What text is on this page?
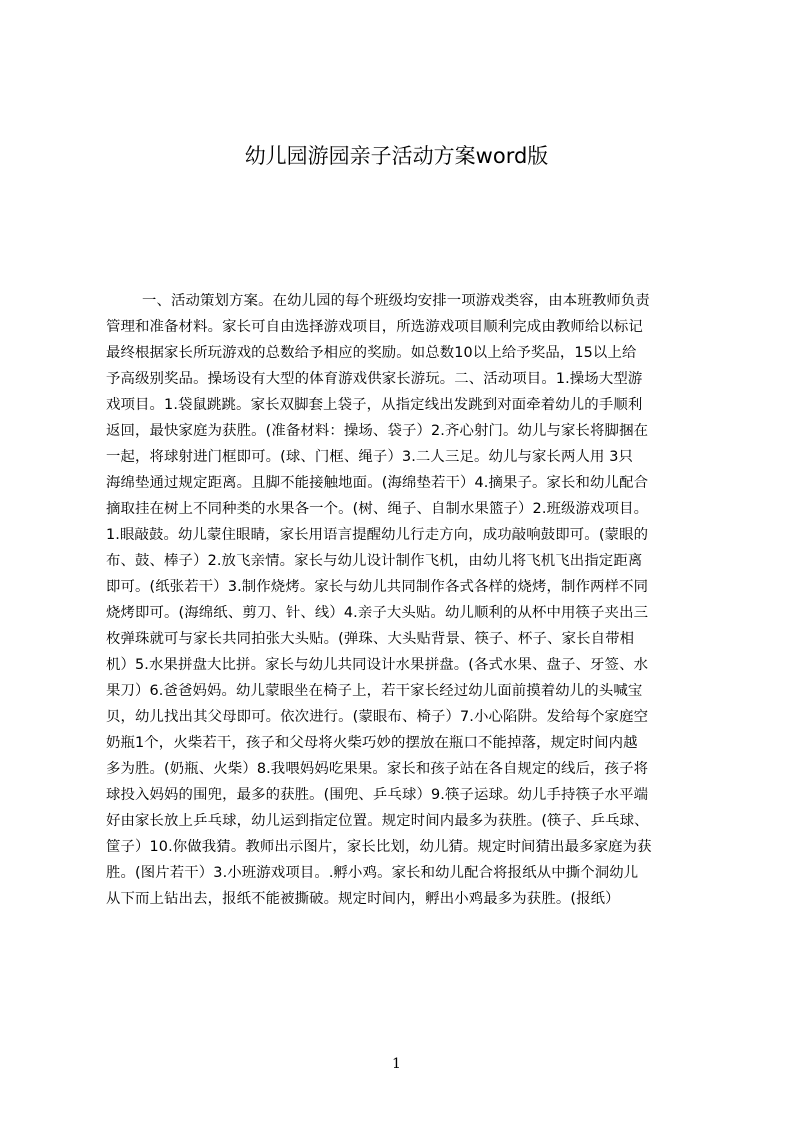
幼儿园游园亲子活动方案word版
一、活动策划方案。在幼儿园的每个班级均安排一项游戏类容，由本班教师负责
管理和准备材料。家长可自由选择游戏项目，所选游戏项目顺利完成由教师给以标记
最终根据家长所玩游戏的总数给予相应的奖励。如总数10以上给予奖品，15以上给
予高级别奖品。操场设有大型的体育游戏供家长游玩。二、活动项目。1.操场大型游
戏项目。1.袋鼠跳跳。家长双脚套上袋子，从指定线出发跳到对面牵着幼儿的手顺利
返回，最快家庭为获胜。(准备材料：操场、袋子）2.齐心射门。幼儿与家长将脚捆在
一起，将球射进门框即可。(球、门框、绳子）3.二人三足。幼儿与家长两人用 3只
海绵垫通过规定距离。且脚不能接触地面。(海绵垫若干）4.摘果子。家长和幼儿配合
摘取挂在树上不同种类的水果各一个。(树、绳子、自制水果篮子）2.班级游戏项目。
1.眼敲鼓。幼儿蒙住眼睛，家长用语言提醒幼儿行走方向，成功敲响鼓即可。(蒙眼的
布、鼓、棒子）2.放飞亲情。家长与幼儿设计制作飞机，由幼儿将飞机飞出指定距离
即可。(纸张若干）3.制作烧烤。家长与幼儿共同制作各式各样的烧烤，制作两样不同
烧烤即可。(海绵纸、剪刀、针、线）4.亲子大头贴。幼儿顺利的从杯中用筷子夹出三
枚弹珠就可与家长共同拍张大头贴。(弹珠、大头贴背景、筷子、杯子、家长自带相
机）5.水果拼盘大比拼。家长与幼儿共同设计水果拼盘。(各式水果、盘子、牙签、水
果刀）6.爸爸妈妈。幼儿蒙眼坐在椅子上，若干家长经过幼儿面前摸着幼儿的头喊宝
贝，幼儿找出其父母即可。依次进行。(蒙眼布、椅子）7.小心陷阱。发给每个家庭空
奶瓶1个，火柴若干，孩子和父母将火柴巧妙的摆放在瓶口不能掉落，规定时间内越
多为胜。(奶瓶、火柴）8.我喂妈妈吃果果。家长和孩子站在各自规定的线后，孩子将
球投入妈妈的围兜，最多的获胜。(围兜、乒乓球）9.筷子运球。幼儿手持筷子水平端
好由家长放上乒乓球，幼儿运到指定位置。规定时间内最多为获胜。(筷子、乒乓球、
筐子）10.你做我猜。教师出示图片，家长比划，幼儿猜。规定时间猜出最多家庭为获
胜。(图片若干）3.小班游戏项目。.孵小鸡。家长和幼儿配合将报纸从中撕个洞幼儿
从下而上钻出去，报纸不能被撕破。规定时间内，孵出小鸡最多为获胜。(报纸）
1
